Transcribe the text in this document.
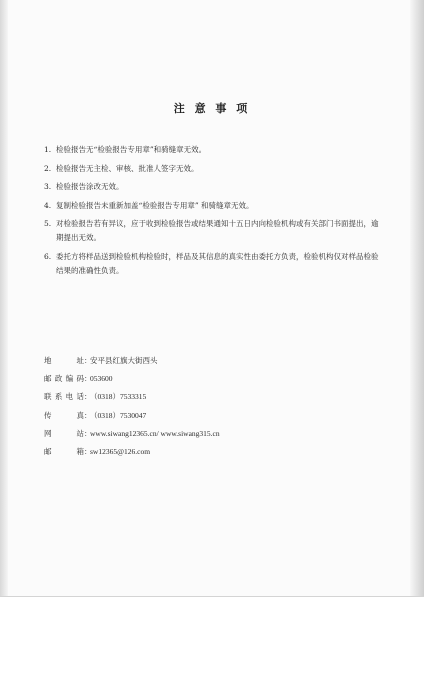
注 意 事 项
1. 检验报告无“检验报告专用章”和骑缝章无效。
2. 检验报告无主检、审核、批准人签字无效。
3. 检验报告涂改无效。
4. 复制检验报告未重新加盖“检验报告专用章” 和骑缝章无效。
5. 对检验报告若有异议，应于收到检验报告或结果通知十五日内向检验机构或有关部门书面提出，逾期提出无效。
6. 委托方将样品送到检验机构检验时，样品及其信息的真实性由委托方负责，检验机构仅对样品检验结果的准确性负责。
地址 ：
安平县红旗大街西头
邮政编码 ：
053600
联系电话 ：
（0318）7533315
传真 ：
（0318）7530047
网站 ：
www.siwang12365.cn/ www.siwang315.cn
邮箱 ：
sw12365@126.com
